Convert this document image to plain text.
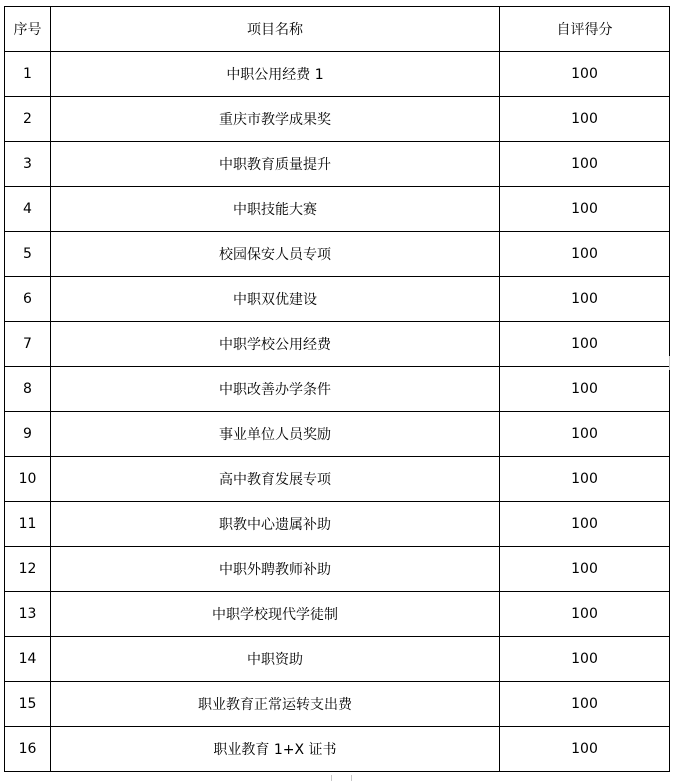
序号	项目名称	自评得分
1	中职公用经费 1	100
2	重庆市教学成果奖	100
3	中职教育质量提升	100
4	中职技能大赛	100
5	校园保安人员专项	100
6	中职双优建设	100
7	中职学校公用经费	100
8	中职改善办学条件	100
9	事业单位人员奖励	100
10	高中教育发展专项	100
11	职教中心遗属补助	100
12	中职外聘教师补助	100
13	中职学校现代学徒制	100
14	中职资助	100
15	职业教育正常运转支出费	100
16	职业教育 1+X 证书	100
